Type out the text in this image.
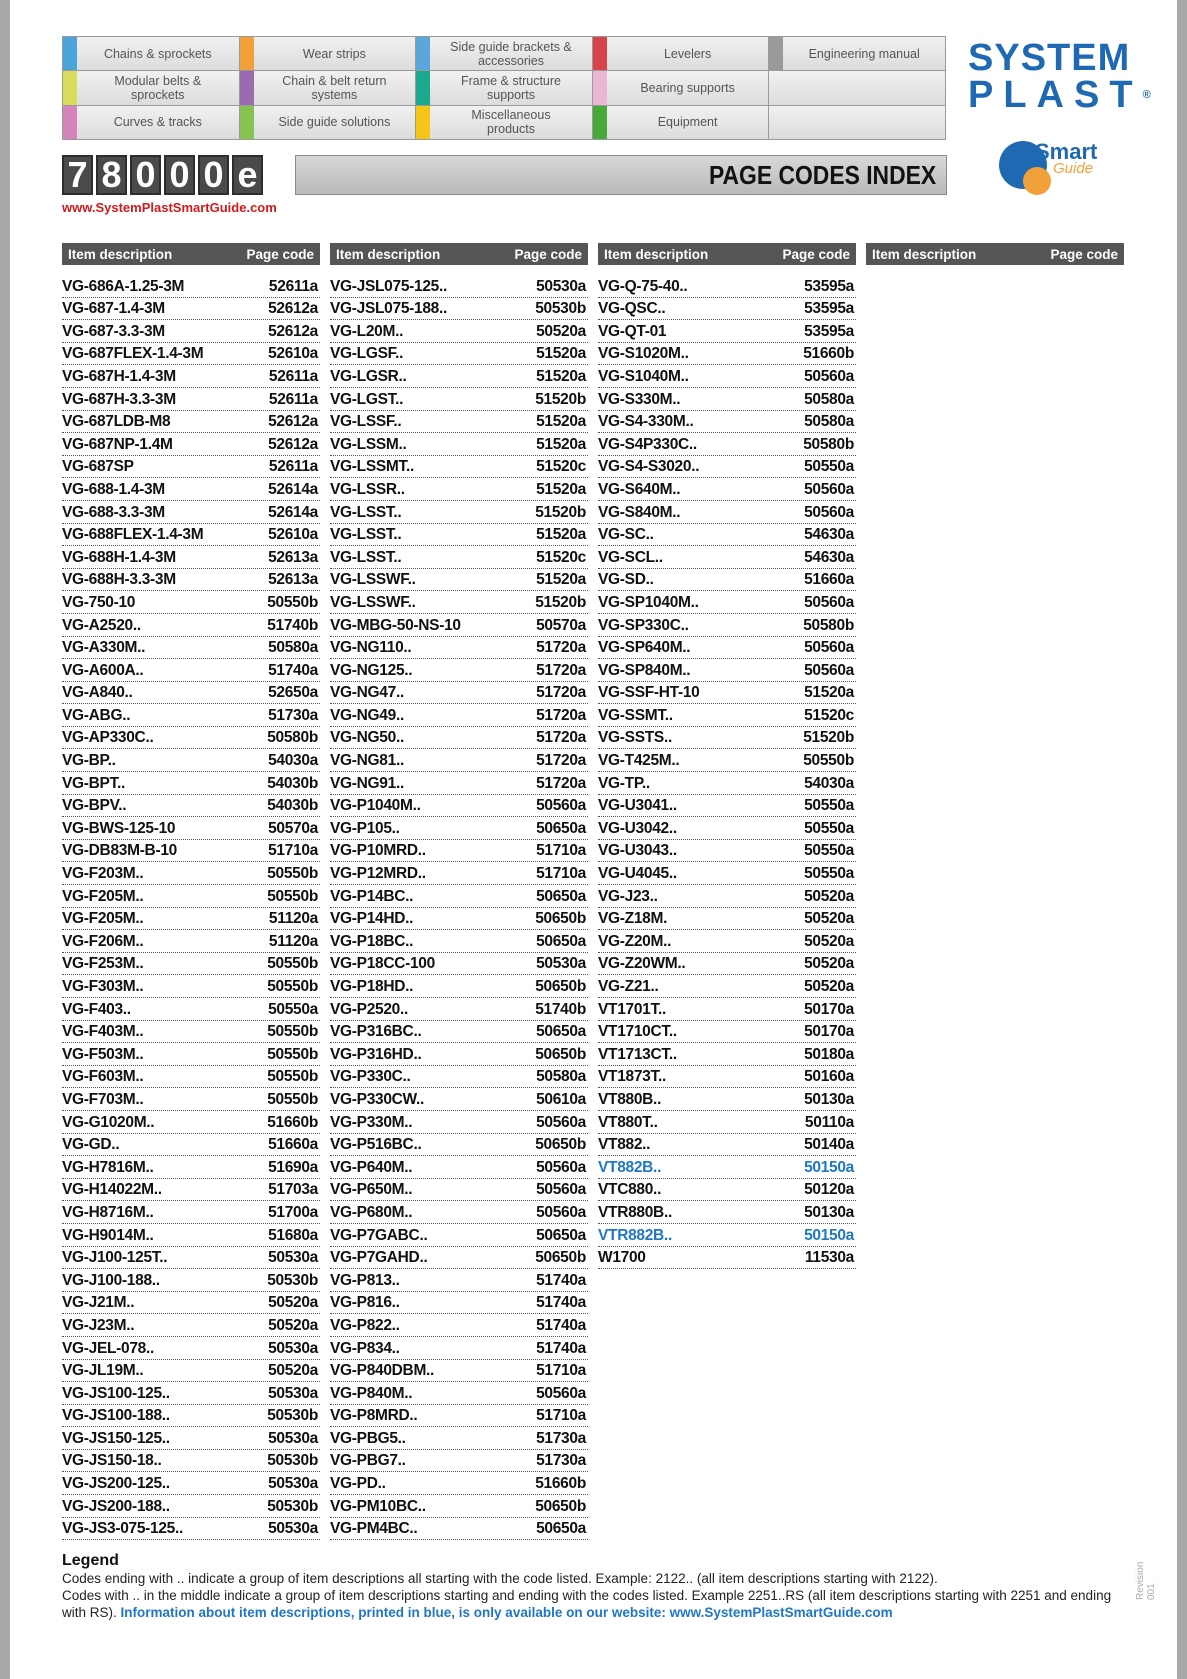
Chains & sprockets	Wear strips	Side guide brackets & accessories	Levelers	Engineering manual
Modular belts & sprockets
Chain & belt return systems
Frame & structure supports	Bearing supports
Curves & tracks	Side guide solutions	Miscellaneous products	Equipment
SYSTEM
PLAST®
Smart
Guide
7 8 0 0 0 e	PAGE CODES INDEX
www.SystemPlastSmartGuide.com
Item description	Page code
VG-686A-1.25-3M	52611a
VG-687-1.4-3M	52612a
VG-687-3.3-3M	52612a
VG-687FLEX-1.4-3M	52610a
VG-687H-1.4-3M	52611a
VG-687H-3.3-3M	52611a
VG-687LDB-M8	52612a
VG-687NP-1.4M	52612a
VG-687SP	52611a
VG-688-1.4-3M	52614a
VG-688-3.3-3M	52614a
VG-688FLEX-1.4-3M	52610a
VG-688H-1.4-3M	52613a
VG-688H-3.3-3M	52613a
VG-750-10	50550b
VG-A2520..	51740b
VG-A330M..	50580a
VG-A600A..	51740a
VG-A840..	52650a
VG-ABG..	51730a
VG-AP330C..	50580b
VG-BP..	54030a
VG-BPT..	54030b
VG-BPV..	54030b
VG-BWS-125-10	50570a
VG-DB83M-B-10	51710a
VG-F203M..	50550b
VG-F205M..	50550b
VG-F205M..	51120a
VG-F206M..	51120a
VG-F253M..	50550b
VG-F303M..	50550b
VG-F403..	50550a
VG-F403M..	50550b
VG-F503M..	50550b
VG-F603M..	50550b
VG-F703M..	50550b
VG-G1020M..	51660b
VG-GD..	51660a
VG-H7816M..	51690a
VG-H14022M..	51703a
VG-H8716M..	51700a
VG-H9014M..	51680a
VG-J100-125T..	50530a
VG-J100-188..	50530b
VG-J21M..	50520a
VG-J23M..	50520a
VG-JEL-078..	50530a
VG-JL19M..	50520a
VG-JS100-125..	50530a
VG-JS100-188..	50530b
VG-JS150-125..	50530a
VG-JS150-18..	50530b
VG-JS200-125..	50530a
VG-JS200-188..	50530b
VG-JS3-075-125..	50530a
Item description	Page code
VG-JSL075-125..	50530a
VG-JSL075-188..	50530b
VG-L20M..	50520a
VG-LGSF..	51520a
VG-LGSR..	51520a
VG-LGST..	51520b
VG-LSSF..	51520a
VG-LSSM..	51520a
VG-LSSMT..	51520c
VG-LSSR..	51520a
VG-LSST..	51520b
VG-LSST..	51520a
VG-LSST..	51520c
VG-LSSWF..	51520a
VG-LSSWF..	51520b
VG-MBG-50-NS-10	50570a
VG-NG110..	51720a
VG-NG125..	51720a
VG-NG47..	51720a
VG-NG49..	51720a
VG-NG50..	51720a
VG-NG81..	51720a
VG-NG91..	51720a
VG-P1040M..	50560a
VG-P105..	50650a
VG-P10MRD..	51710a
VG-P12MRD..	51710a
VG-P14BC..	50650a
VG-P14HD..	50650b
VG-P18BC..	50650a
VG-P18CC-100	50530a
VG-P18HD..	50650b
VG-P2520..	51740b
VG-P316BC..	50650a
VG-P316HD..	50650b
VG-P330C..	50580a
VG-P330CW..	50610a
VG-P330M..	50560a
VG-P516BC..	50650b
VG-P640M..	50560a
VG-P650M..	50560a
VG-P680M..	50560a
VG-P7GABC..	50650a
VG-P7GAHD..	50650b
VG-P813..	51740a
VG-P816..	51740a
VG-P822..	51740a
VG-P834..	51740a
VG-P840DBM..	51710a
VG-P840M..	50560a
VG-P8MRD..	51710a
VG-PBG5..	51730a
VG-PBG7..	51730a
VG-PD..	51660b
VG-PM10BC..	50650b
VG-PM4BC..	50650a
Item description	Page code
VG-Q-75-40..	53595a
VG-QSC..	53595a
VG-QT-01	53595a
VG-S1020M..	51660b
VG-S1040M..	50560a
VG-S330M..	50580a
VG-S4-330M..	50580a
VG-S4P330C..	50580b
VG-S4-S3020..	50550a
VG-S640M..	50560a
VG-S840M..	50560a
VG-SC..	54630a
VG-SCL..	54630a
VG-SD..	51660a
VG-SP1040M..	50560a
VG-SP330C..	50580b
VG-SP640M..	50560a
VG-SP840M..	50560a
VG-SSF-HT-10	51520a
VG-SSMT..	51520c
VG-SSTS..	51520b
VG-T425M..	50550b
VG-TP..	54030a
VG-U3041..	50550a
VG-U3042..	50550a
VG-U3043..	50550a
VG-U4045..	50550a
VG-J23..	50520a
VG-Z18M.	50520a
VG-Z20M..	50520a
VG-Z20WM..	50520a
VG-Z21..	50520a
VT1701T..	50170a
VT1710CT..	50170a
VT1713CT..	50180a
VT1873T..	50160a
VT880B..	50130a
VT880T..	50110a
VT882..	50140a
VT882B..	50150a
VTC880..	50120a
VTR880B..	50130a
VTR882B..	50150a
W1700	11530a
Item description	Page code
Legend
Codes ending with .. indicate a group of item descriptions all starting with the code listed. Example: 2122.. (all item descriptions starting with 2122).
Codes with .. in the middle indicate a group of item descriptions starting and ending with the codes listed. Example 2251..RS (all item descriptions starting with 2251 and ending with RS). Information about item descriptions, printed in blue, is only available on our website: www.SystemPlastSmartGuide.com
Revision 001
